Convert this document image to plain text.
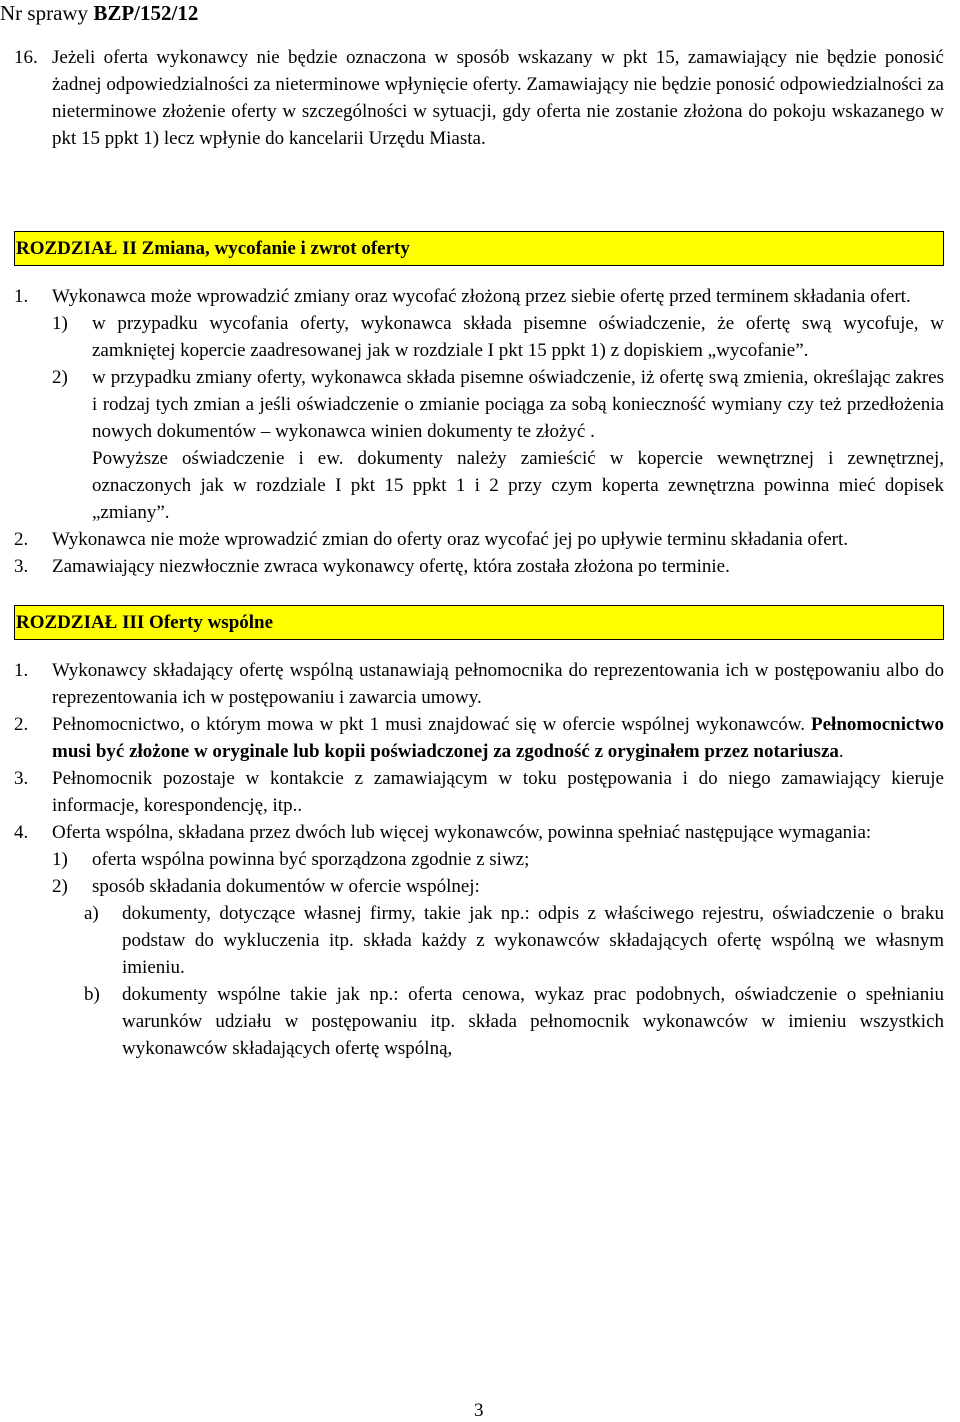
Nr sprawy BZP/152/12
16. Jeżeli oferta wykonawcy nie będzie oznaczona w sposób wskazany w pkt 15, zamawiający nie będzie ponosić żadnej odpowiedzialności za nieterminowe wpłynięcie oferty. Zamawiający nie będzie ponosić odpowiedzialności za nieterminowe złożenie oferty w szczególności w sytuacji, gdy oferta nie zostanie złożona do pokoju wskazanego w pkt 15 ppkt 1) lecz wpłynie do kancelarii Urzędu Miasta.
ROZDZIAŁ II Zmiana, wycofanie i zwrot oferty
1. Wykonawca może wprowadzić zmiany oraz wycofać złożoną przez siebie ofertę przed terminem składania ofert.
1) w przypadku wycofania oferty, wykonawca składa pisemne oświadczenie, że ofertę swą wycofuje, w zamkniętej kopercie zaadresowanej jak w rozdziale I pkt 15 ppkt 1) z dopiskiem „wycofanie”.
2) w przypadku zmiany oferty, wykonawca składa pisemne oświadczenie, iż ofertę swą zmienia, określając zakres i rodzaj tych zmian a jeśli oświadczenie o zmianie pociąga za sobą konieczność wymiany czy też przedłożenia nowych dokumentów – wykonawca winien dokumenty te złożyć .
Powyższe oświadczenie i ew. dokumenty należy zamieścić w kopercie wewnętrznej i zewnętrznej, oznaczonych jak w rozdziale I pkt 15 ppkt 1 i 2 przy czym koperta zewnętrzna powinna mieć dopisek „zmiany”.
2. Wykonawca nie może wprowadzić zmian do oferty oraz wycofać jej po upływie terminu składania ofert.
3. Zamawiający niezwłocznie zwraca wykonawcy ofertę, która została złożona po terminie.
ROZDZIAŁ III Oferty wspólne
1. Wykonawcy składający ofertę wspólną ustanawiają pełnomocnika do reprezentowania ich w postępowaniu albo do reprezentowania ich w postępowaniu i zawarcia umowy.
2. Pełnomocnictwo, o którym mowa w pkt 1 musi znajdować się w ofercie wspólnej wykonawców. Pełnomocnictwo musi być złożone w oryginale lub kopii poświadczonej za zgodność z oryginałem przez notariusza.
3. Pełnomocnik pozostaje w kontakcie z zamawiającym w toku postępowania i do niego zamawiający kieruje informacje, korespondencję, itp..
4. Oferta wspólna, składana przez dwóch lub więcej wykonawców, powinna spełniać następujące wymagania:
1) oferta wspólna powinna być sporządzona zgodnie z siwz;
2) sposób składania dokumentów w ofercie wspólnej:
a) dokumenty, dotyczące własnej firmy, takie jak np.: odpis z właściwego rejestru, oświadczenie o braku podstaw do wykluczenia itp. składa każdy z wykonawców składających ofertę wspólną we własnym imieniu.
b) dokumenty wspólne takie jak np.: oferta cenowa, wykaz prac podobnych, oświadczenie o spełnianiu warunków udziału w postępowaniu itp. składa pełnomocnik wykonawców w imieniu wszystkich wykonawców składających ofertę wspólną,
3
